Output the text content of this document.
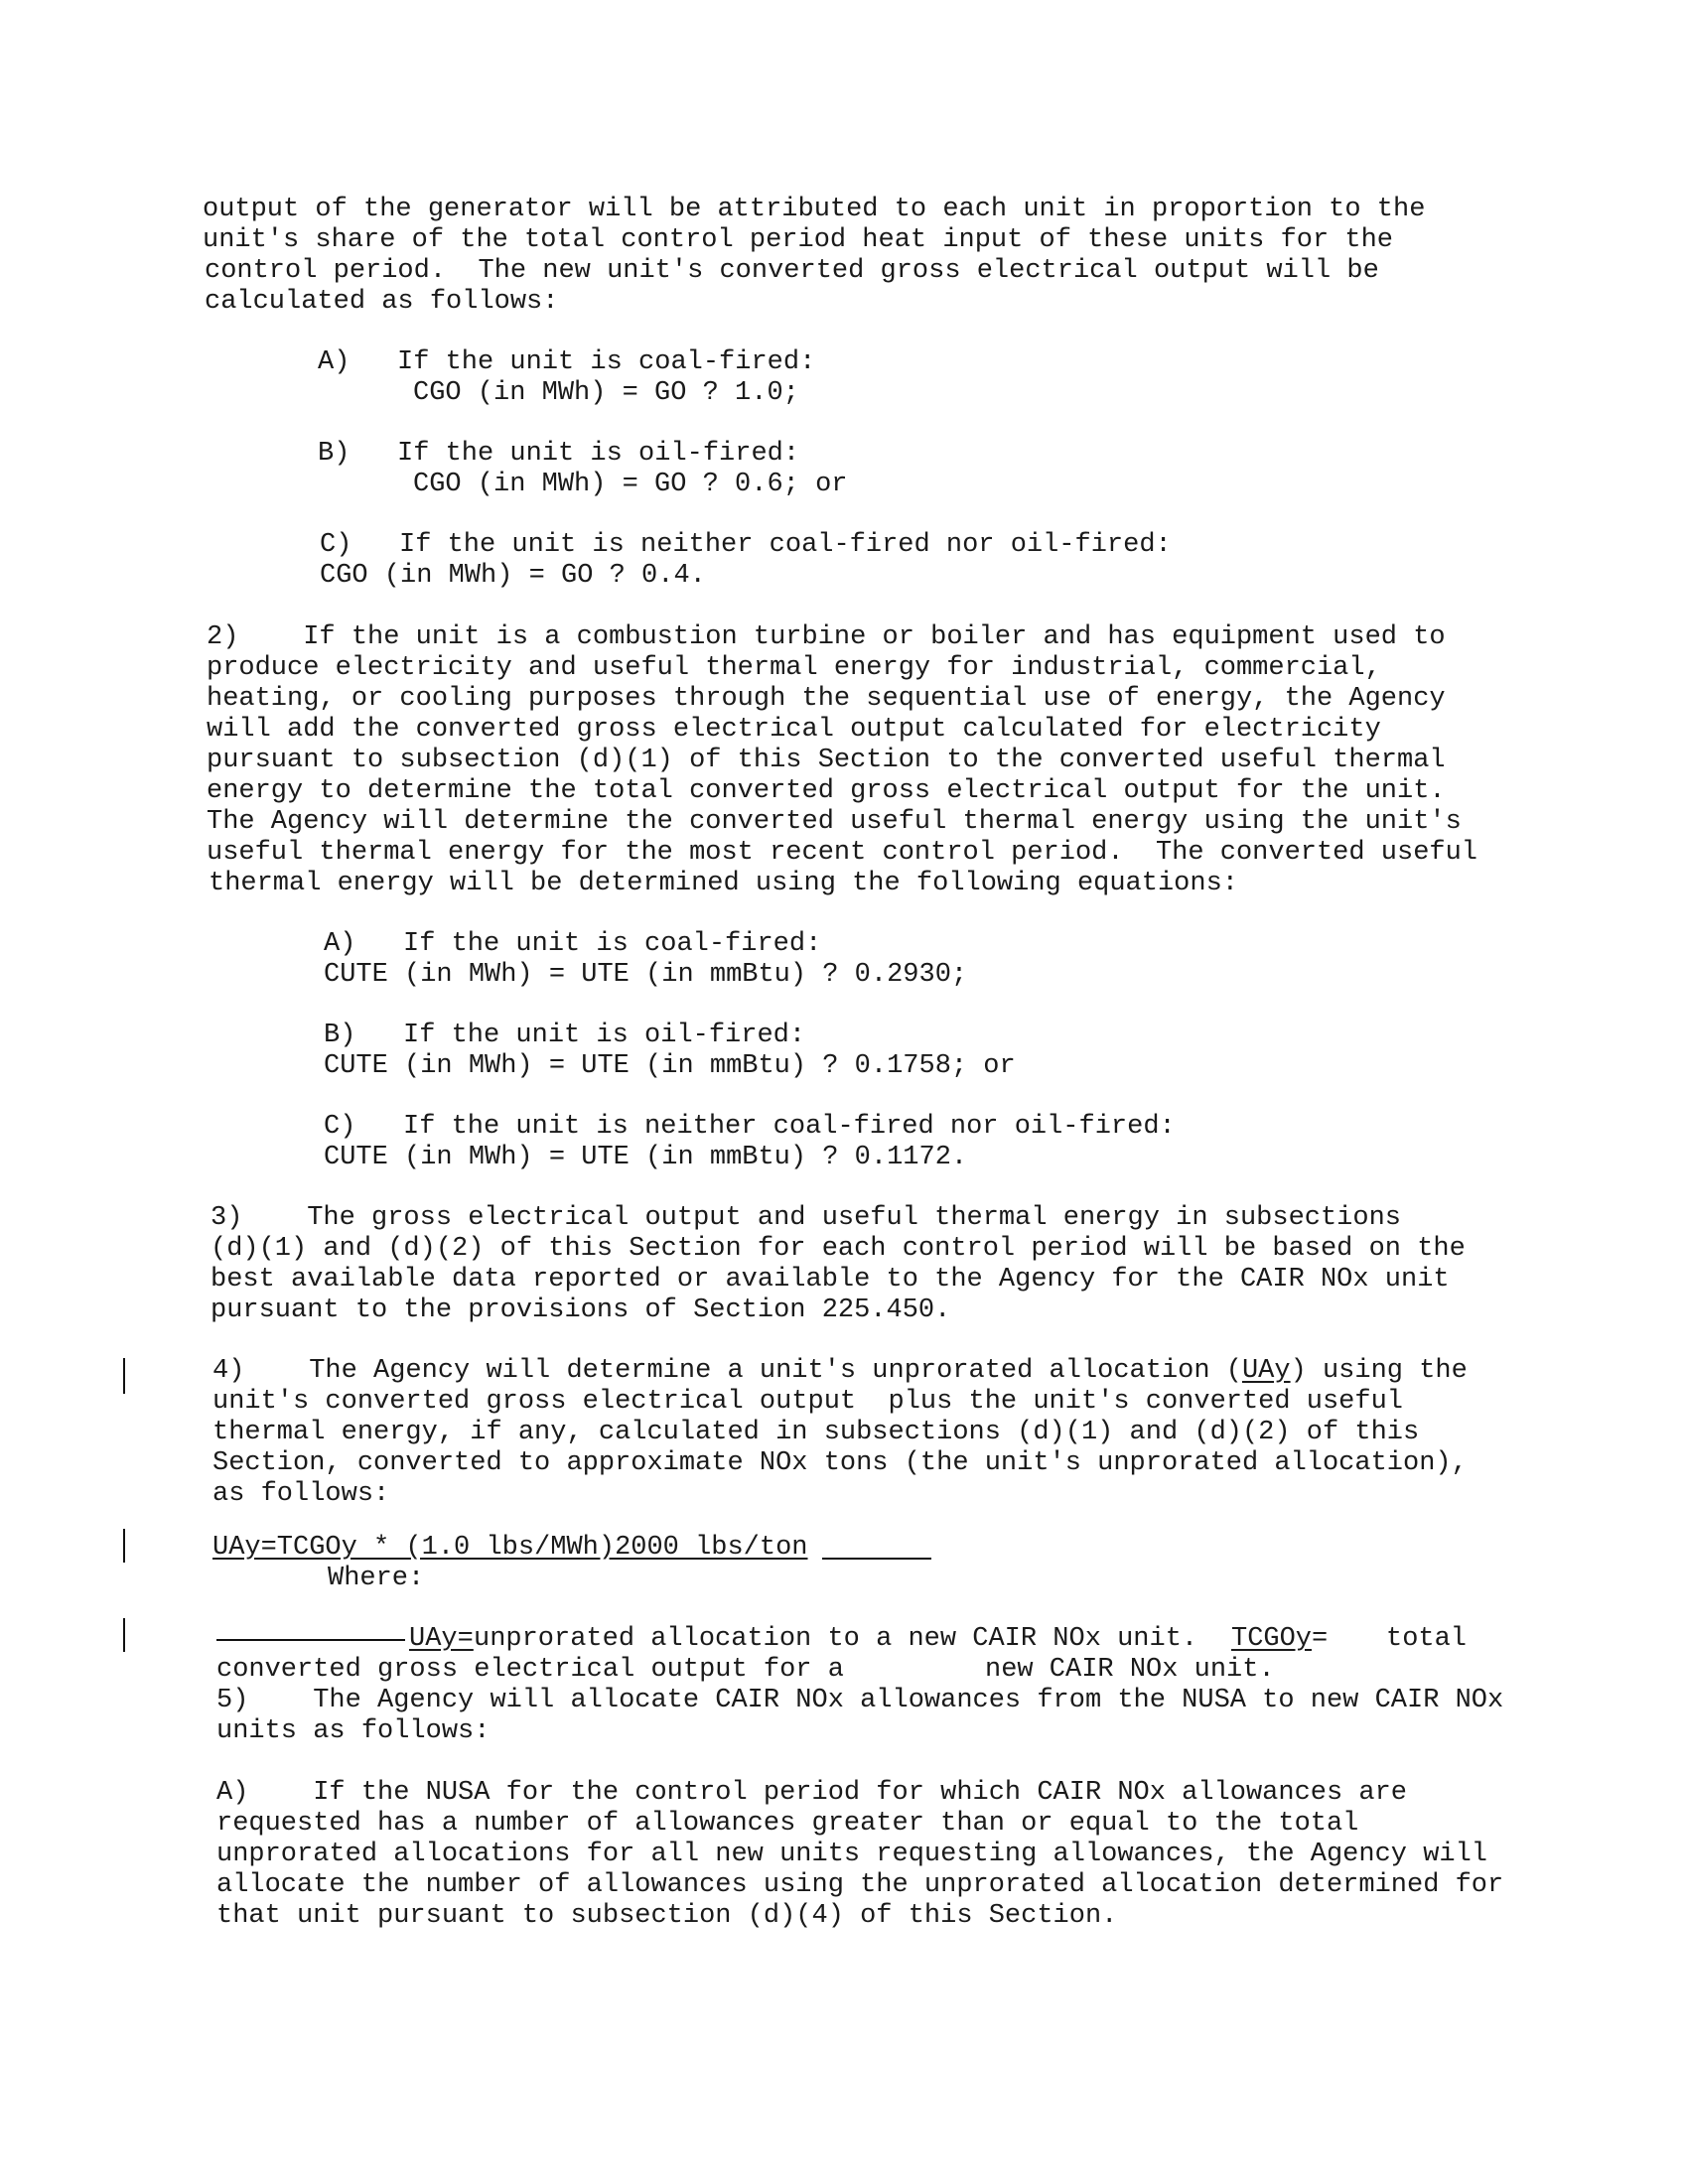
output of the generator will be attributed to each unit in proportion to the
unit's share of the total control period heat input of these units for the
control period.  The new unit's converted gross electrical output will be
calculated as follows:
A) If the unit is coal-fired:
CGO (in MWh) = GO ? 1.0;
B) If the unit is oil-fired:
CGO (in MWh) = GO ? 0.6; or
C) If the unit is neither coal-fired nor oil-fired:
CGO (in MWh) = GO ? 0.4.
2)    If the unit is a combustion turbine or boiler and has equipment used to
produce electricity and useful thermal energy for industrial, commercial,
heating, or cooling purposes through the sequential use of energy, the Agency
will add the converted gross electrical output calculated for electricity
pursuant to subsection (d)(1) of this Section to the converted useful thermal
energy to determine the total converted gross electrical output for the unit.
The Agency will determine the converted useful thermal energy using the unit's
useful thermal energy for the most recent control period.  The converted useful
thermal energy will be determined using the following equations:
A) If the unit is coal-fired:
CUTE (in MWh) = UTE (in mmBtu) ? 0.2930;
B) If the unit is oil-fired:
CUTE (in MWh) = UTE (in mmBtu) ? 0.1758; or
C) If the unit is neither coal-fired nor oil-fired:
CUTE (in MWh) = UTE (in mmBtu) ? 0.1172.
3)    The gross electrical output and useful thermal energy in subsections
(d)(1) and (d)(2) of this Section for each control period will be based on the
best available data reported or available to the Agency for the CAIR NOx unit
pursuant to the provisions of Section 225.450.
4)    The Agency will determine a unit's unprorated allocation (UAy) using the
unit's converted gross electrical output  plus the unit's converted useful
thermal energy, if any, calculated in subsections (d)(1) and (d)(2) of this
Section, converted to approximate NOx tons (the unit's unprorated allocation),
as follows:
UAy=TCGOy * (1.0 lbs/MWh)2000 lbs/ton
Where:
UAy= unprorated allocation to a new CAIR NOx unit. TCGOy = total
converted gross electrical output for a	new CAIR NOx unit.
5)    The Agency will allocate CAIR NOx allowances from the NUSA to new CAIR NOx
units as follows:
A)    If the NUSA for the control period for which CAIR NOx allowances are
requested has a number of allowances greater than or equal to the total
unprorated allocations for all new units requesting allowances, the Agency will
allocate the number of allowances using the unprorated allocation determined for
that unit pursuant to subsection (d)(4) of this Section.
